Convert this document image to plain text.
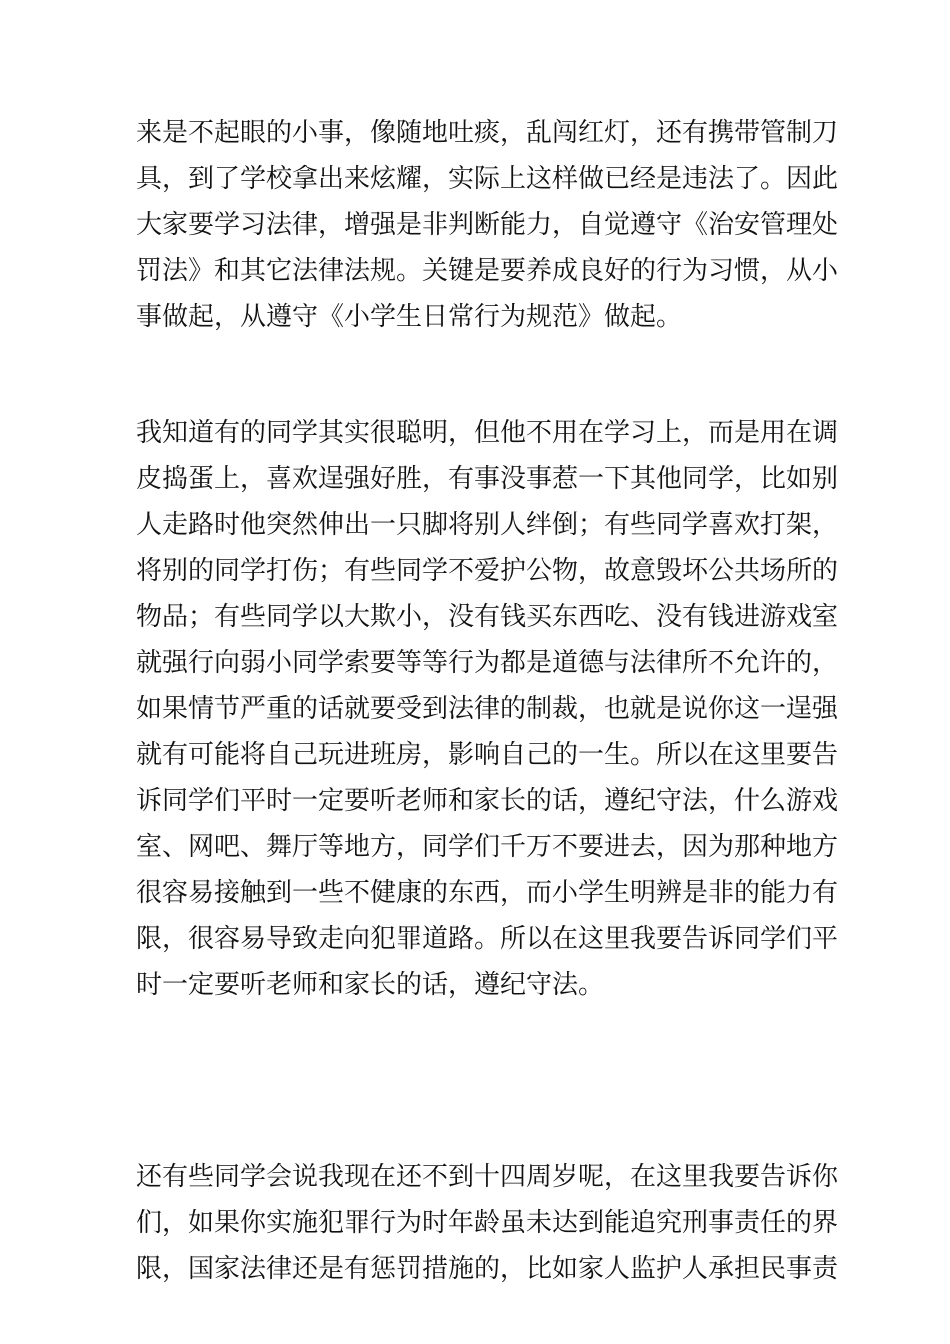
来是不起眼的小事，像随地吐痰，乱闯红灯，还有携带管制刀
具，到了学校拿出来炫耀，实际上这样做已经是违法了。因此
大家要学习法律，增强是非判断能力，自觉遵守《治安管理处
罚法》和其它法律法规。关键是要养成良好的行为习惯，从小
事做起，从遵守《小学生日常行为规范》做起。
我知道有的同学其实很聪明，但他不用在学习上，而是用在调
皮捣蛋上，喜欢逞强好胜，有事没事惹一下其他同学，比如别
人走路时他突然伸出一只脚将别人绊倒；有些同学喜欢打架，
将别的同学打伤；有些同学不爱护公物，故意毁坏公共场所的
物品；有些同学以大欺小，没有钱买东西吃、没有钱进游戏室
就强行向弱小同学索要等等行为都是道德与法律所不允许的，
如果情节严重的话就要受到法律的制裁，也就是说你这一逞强
就有可能将自己玩进班房，影响自己的一生。所以在这里要告
诉同学们平时一定要听老师和家长的话，遵纪守法，什么游戏
室、网吧、舞厅等地方，同学们千万不要进去，因为那种地方
很容易接触到一些不健康的东西，而小学生明辨是非的能力有
限，很容易导致走向犯罪道路。所以在这里我要告诉同学们平
时一定要听老师和家长的话，遵纪守法。
还有些同学会说我现在还不到十四周岁呢，在这里我要告诉你
们，如果你实施犯罪行为时年龄虽未达到能追究刑事责任的界
限，国家法律还是有惩罚措施的，比如家人监护人承担民事责
